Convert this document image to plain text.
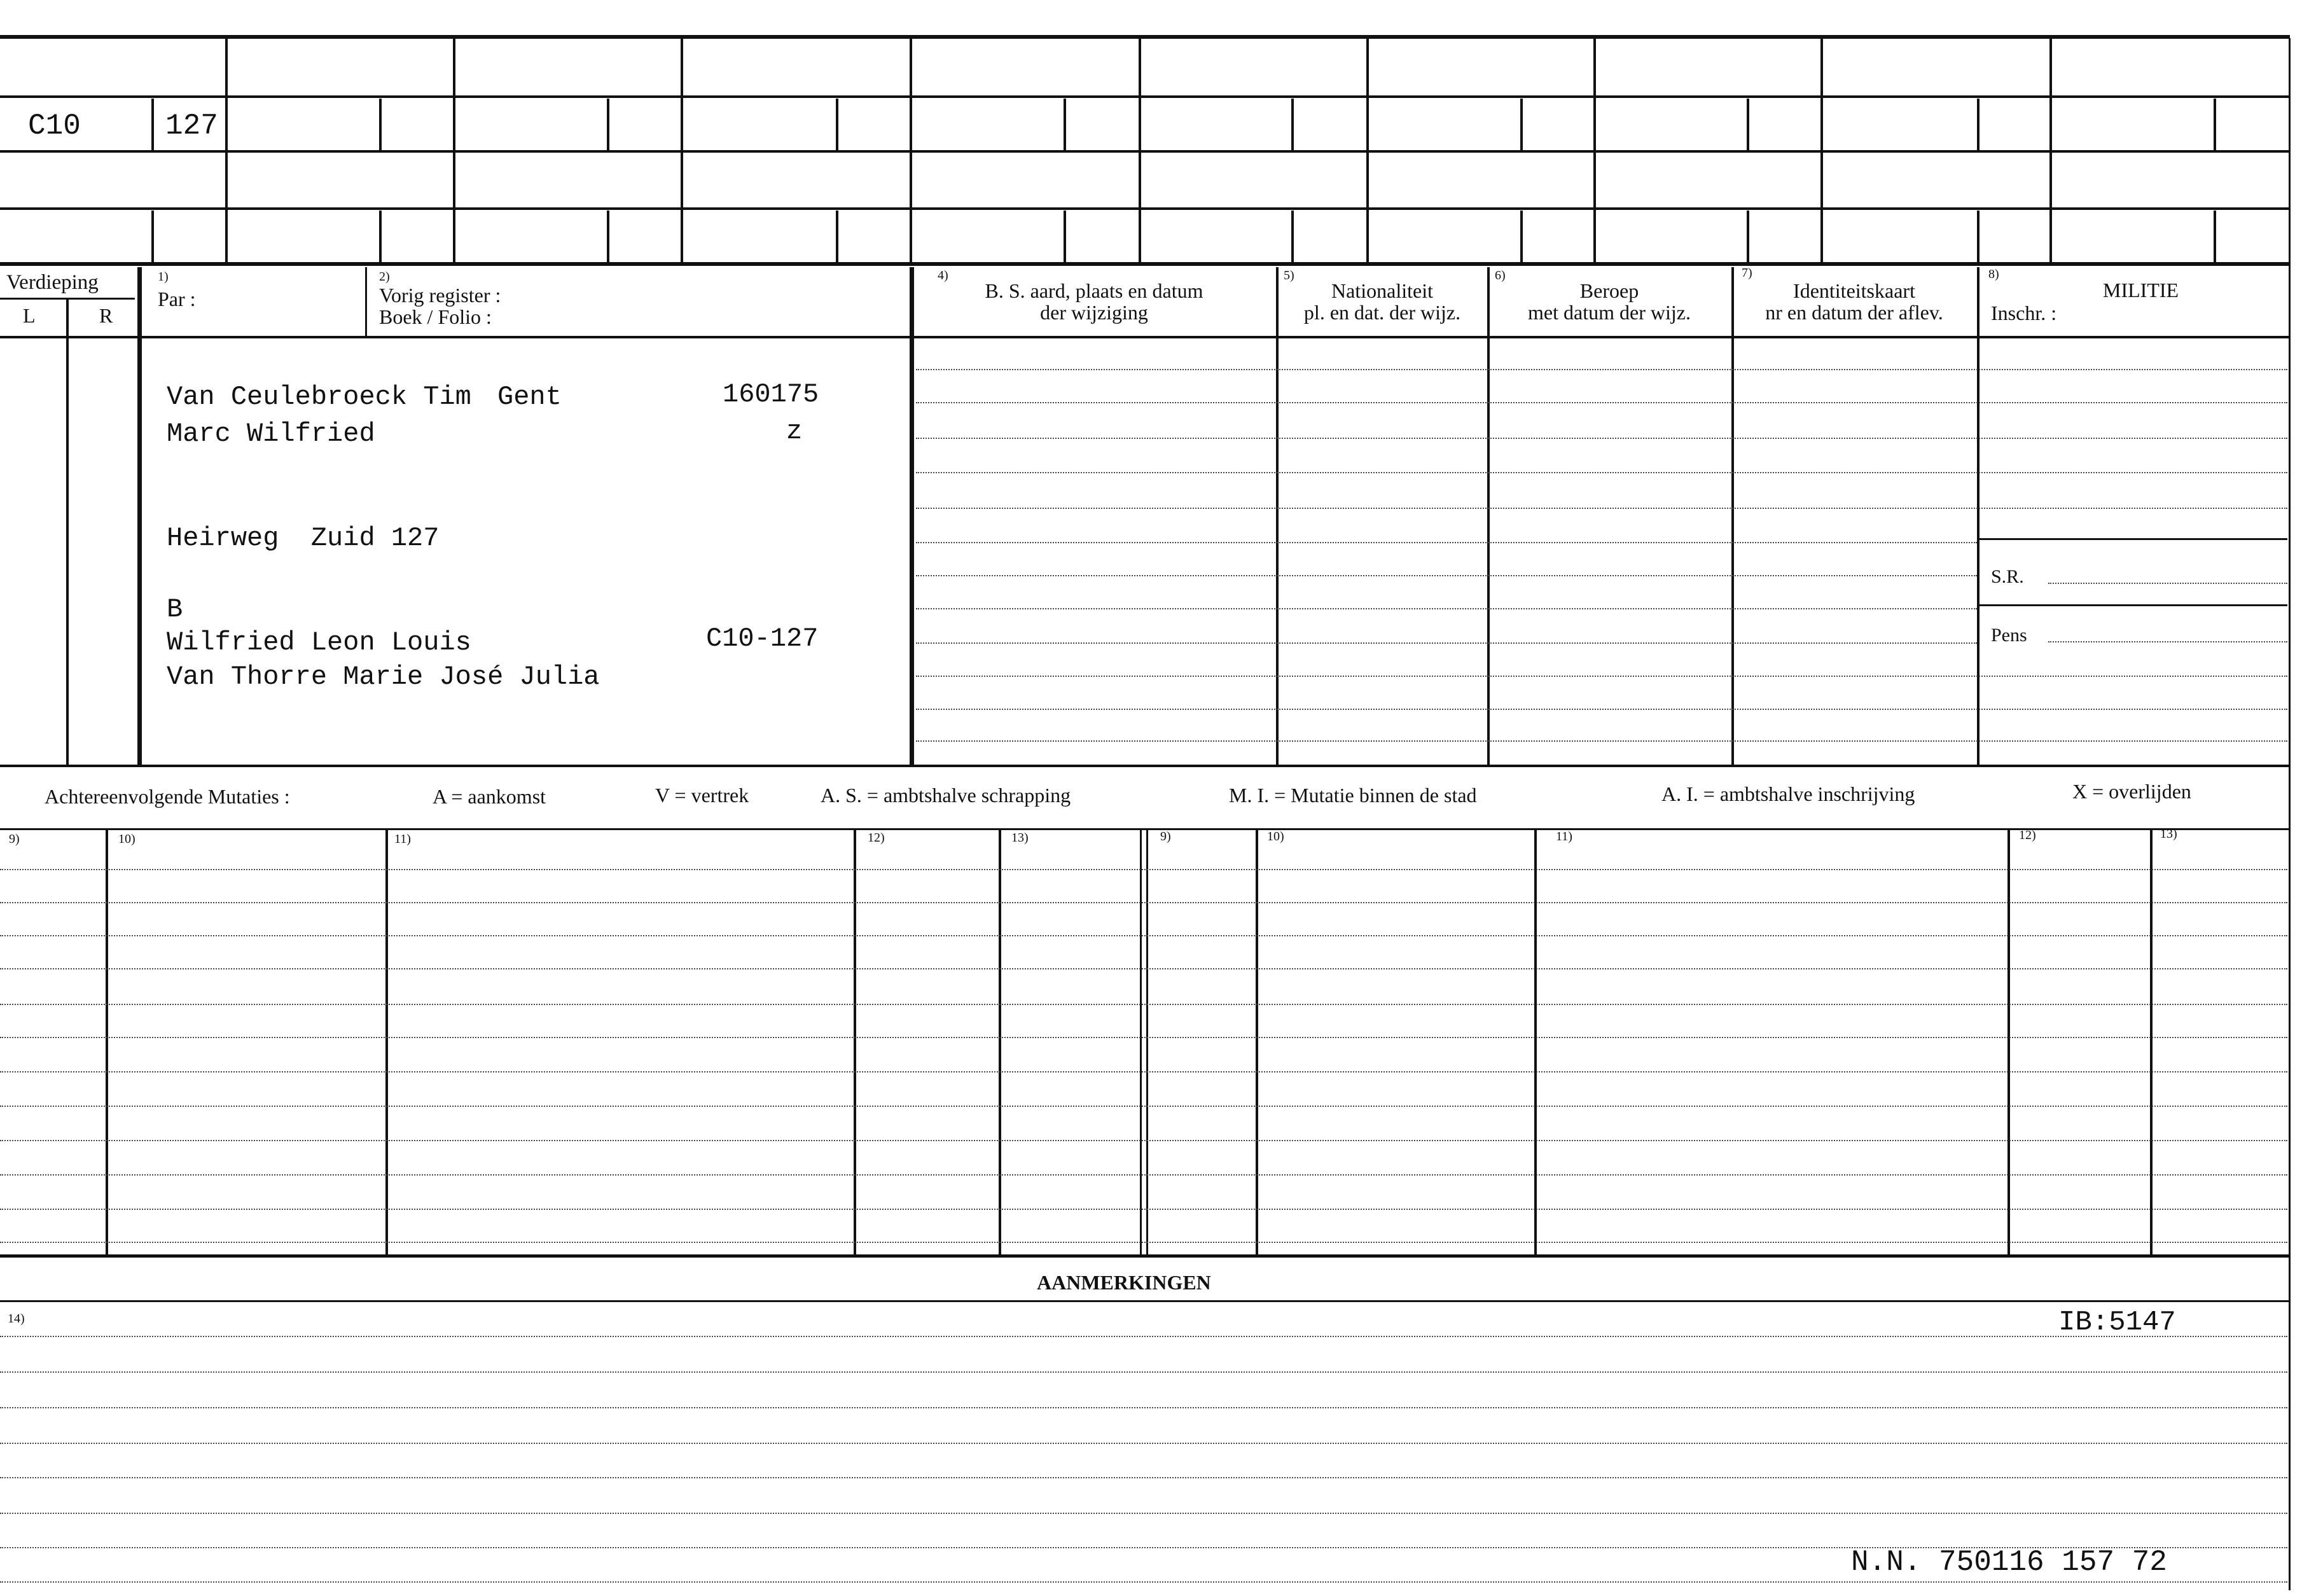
C10	127
Verdieping
L	R
1)
Par :
2)
Vorig register :
Boek / Folio :
4)
B. S. aard, plaats en datum
der wijziging
5)
Nationaliteit
pl. en dat. der wijz.
6)
Beroep
met datum der wijz.
7)
Identiteitskaart
nr en datum der aflev.
8)
MILITIE
Inschr. :
S.R.
Pens
Van Ceulebroeck Tim Gent	160175
Marc Wilfried	z
Heirweg  Zuid 127
B
Wilfried Leon Louis	C10-127
Van Thorre Marie José Julia
Achtereenvolgende Mutaties :	A = aankomst	V = vertrek	A. S. = ambtshalve schrapping	M. I. = Mutatie binnen de stad	A. I. = ambtshalve inschrijving	X = overlijden
9)	10)	11)	12)	13)	9)	10)	11)	12)	13)
AANMERKINGEN
14)	IB:5147
N.N. 750116 157 72
